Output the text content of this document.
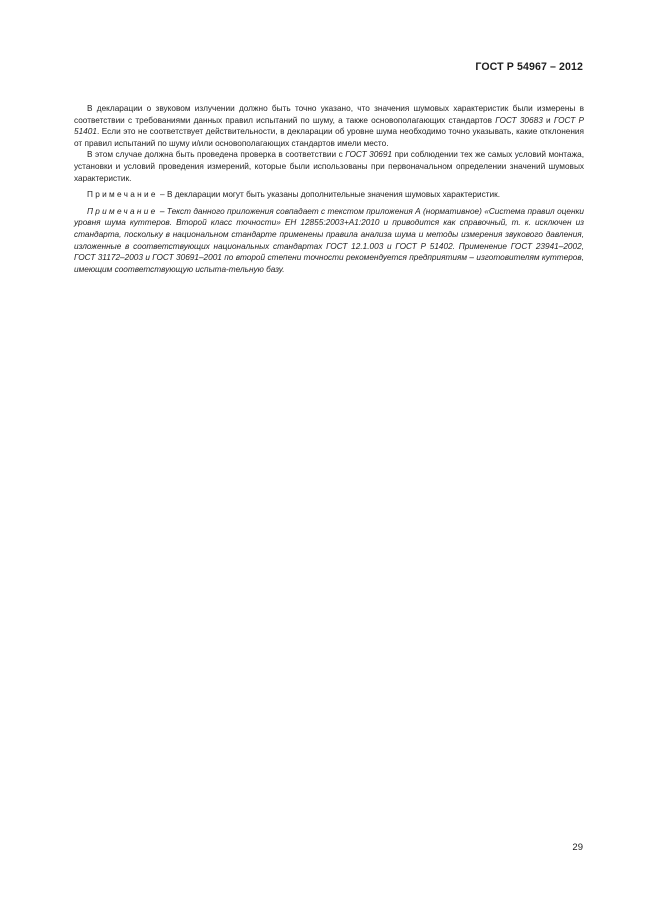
ГОСТ Р 54967 – 2012

В декларации о звуковом излучении должно быть точно указано, что значения шумовых характеристик были измерены в соответствии с требованиями данных правил испытаний по шуму, а также основополагающих стандартов ГОСТ 30683 и ГОСТ Р 51401. Если это не соответствует действительности, в декларации об уровне шума необходимо точно указывать, какие отклонения от правил испытаний по шуму и/или основополагающих стандартов имели место.

В этом случае должна быть проведена проверка в соответствии с ГОСТ 30691 при соблюдении тех же самых условий монтажа, установки и условий проведения измерений, которые были использованы при первоначальном определении значений шумовых характеристик.

Примечание – В декларации могут быть указаны дополнительные значения шумовых характеристик.

Примечание – Текст данного приложения совпадает с текстом приложения А (нормативное) «Система правил оценки уровня шума куттеров. Второй класс точности» ЕН 12855:2003+А1:2010 и приводится как справочный, т. к. исключен из стандарта, поскольку в национальном стандарте применены правила анализа шума и методы измерения звукового давления, изложенные в соответствующих национальных стандартах ГОСТ 12.1.003 и ГОСТ Р 51402. Применение ГОСТ 23941–2002, ГОСТ 31172–2003 и ГОСТ 30691–2001 по второй степени точности рекомендуется предприятиям – изготовителям куттеров, имеющим соответствующую испыта-тельную базу.

29
